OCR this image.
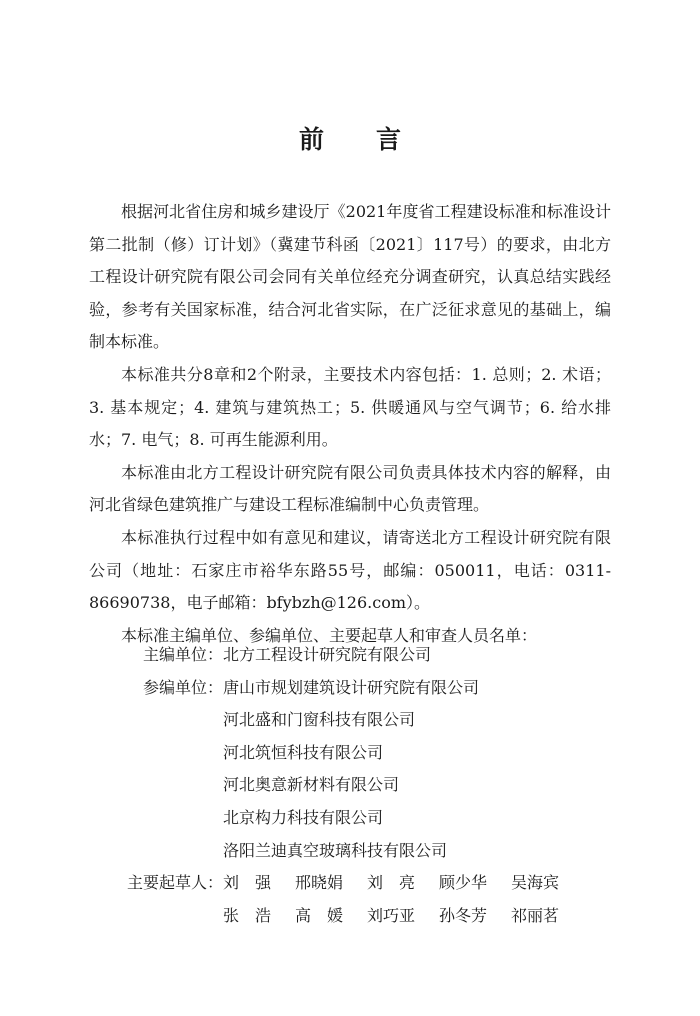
前 言

根据河北省住房和城乡建设厅《2021年度省工程建设标准和标准设计第二批制（修）订计划》（冀建节科函〔2021〕117号）的要求，由北方工程设计研究院有限公司会同有关单位经充分调查研究，认真总结实践经验，参考有关国家标准，结合河北省实际，在广泛征求意见的基础上，编制本标准。

本标准共分8章和2个附录，主要技术内容包括：1. 总则；2. 术语；3. 基本规定；4. 建筑与建筑热工；5. 供暖通风与空气调节；6. 给水排水；7. 电气；8. 可再生能源利用。

本标准由北方工程设计研究院有限公司负责具体技术内容的解释，由河北省绿色建筑推广与建设工程标准编制中心负责管理。

本标准执行过程中如有意见和建议，请寄送北方工程设计研究院有限公司（地址：石家庄市裕华东路55号，邮编：050011，电话：0311-86690738，电子邮箱：bfybzh@126.com）。

本标准主编单位、参编单位、主要起草人和审查人员名单：

主编单位： 北方工程设计研究院有限公司
参编单位： 唐山市规划建筑设计研究院有限公司
河北盛和门窗科技有限公司
河北筑恒科技有限公司
河北奥意新材料有限公司
北京构力科技有限公司
洛阳兰迪真空玻璃科技有限公司
主要起草人： 刘　强	邢晓娟	刘　亮	顾少华	吴海宾
张　浩	高　媛	刘巧亚	孙冬芳	祁丽茗
